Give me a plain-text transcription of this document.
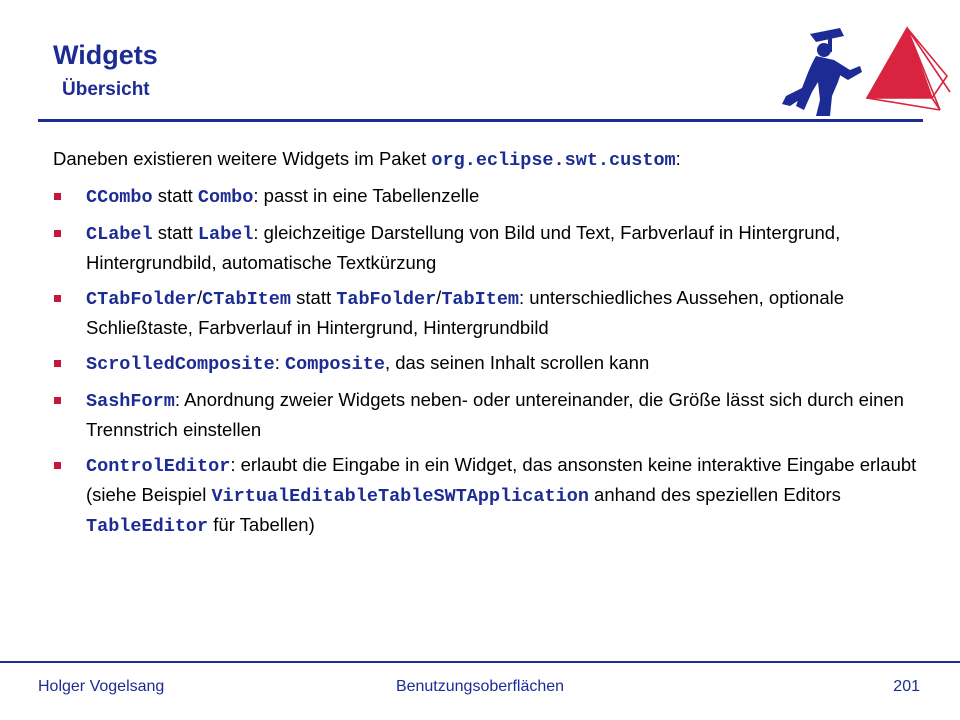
Widgets
Übersicht

Daneben existieren weitere Widgets im Paket org.eclipse.swt.custom:

CCombo statt Combo: passt in eine Tabellenzelle
CLabel statt Label: gleichzeitige Darstellung von Bild und Text, Farbverlauf in Hintergrund, Hintergrundbild, automatische Textkürzung
CTabFolder/CTabItem statt TabFolder/TabItem: unterschiedliches Aussehen, optionale Schließtaste, Farbverlauf in Hintergrund, Hintergrundbild
ScrolledComposite: Composite, das seinen Inhalt scrollen kann
SashForm: Anordnung zweier Widgets neben- oder untereinander, die Größe lässt sich durch einen Trennstrich einstellen
ControlEditor: erlaubt die Eingabe in ein Widget, das ansonsten keine interaktive Eingabe erlaubt (siehe Beispiel VirtualEditableTableSWTApplication anhand des speziellen Editors TableEditor für Tabellen)
Holger Vogelsang	Benutzungsoberflächen	201
